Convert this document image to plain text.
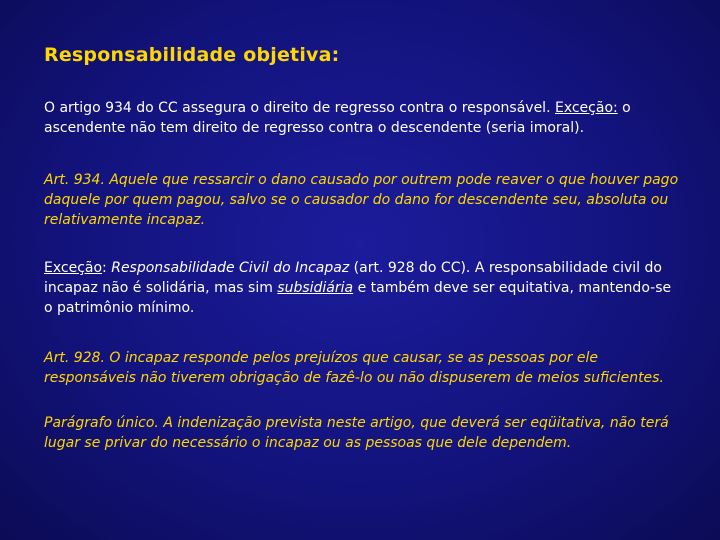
Responsabilidade objetiva:
O artigo 934 do CC assegura o direito de regresso contra o responsável. Exceção: o ascendente não tem direito de regresso contra o descendente (seria imoral).
Art. 934. Aquele que ressarcir o dano causado por outrem pode reaver o que houver pago daquele por quem pagou, salvo se o causador do dano for descendente seu, absoluta ou relativamente incapaz.
Exceção: Responsabilidade Civil do Incapaz (art. 928 do CC). A responsabilidade civil do incapaz não é solidária, mas sim subsidiária e também deve ser equitativa, mantendo-se o patrimônio mínimo.
Art. 928. O incapaz responde pelos prejuízos que causar, se as pessoas por ele responsáveis não tiverem obrigação de fazê-lo ou não dispuserem de meios suficientes.
Parágrafo único. A indenização prevista neste artigo, que deverá ser eqüitativa, não terá lugar se privar do necessário o incapaz ou as pessoas que dele dependem.
